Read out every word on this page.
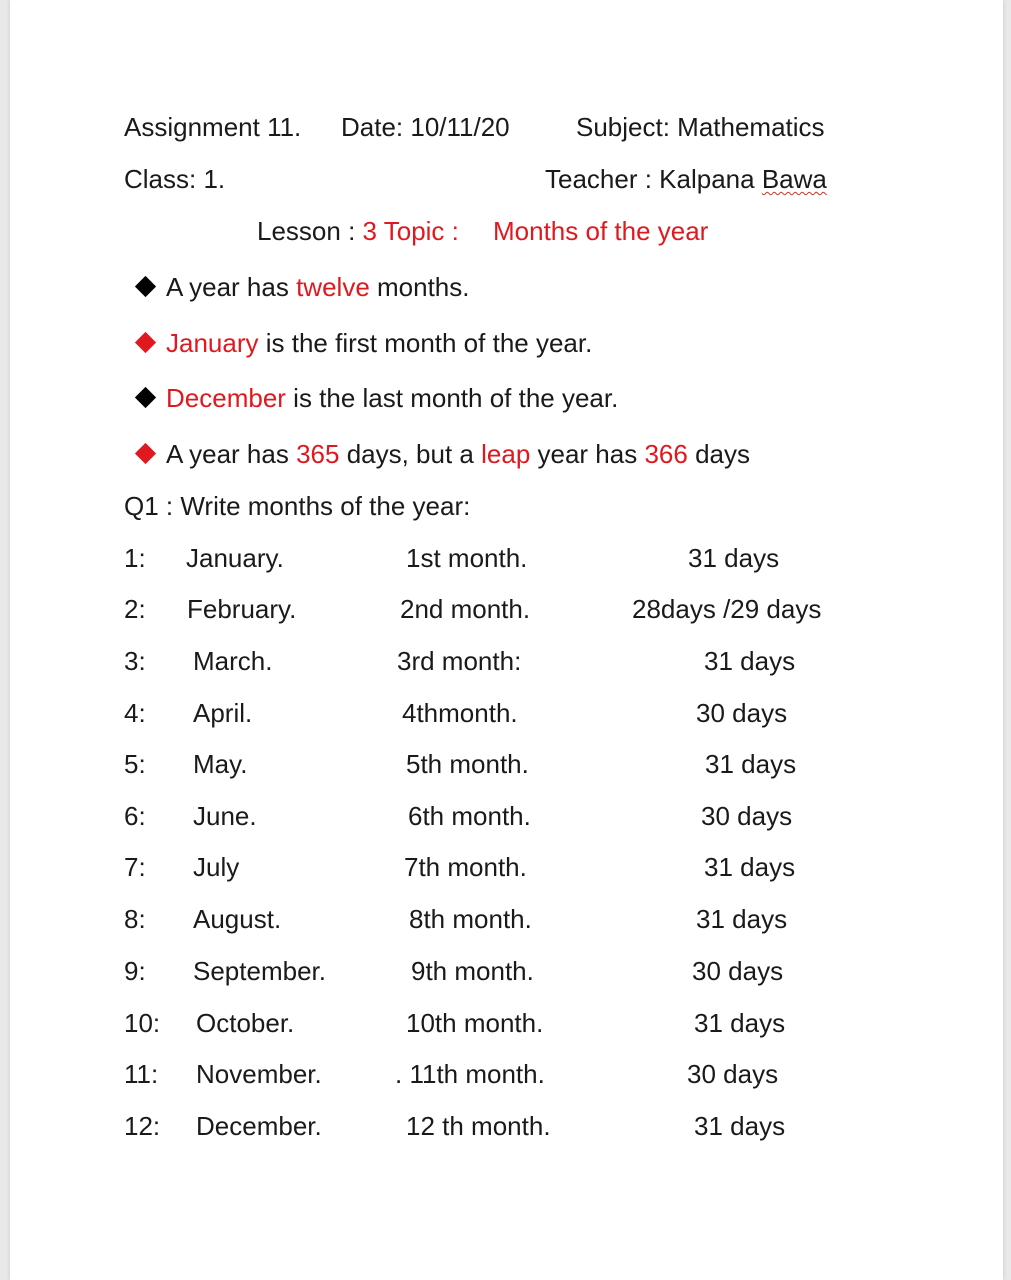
Assignment 11. Date: 10/11/20	Subject: Mathematics
Class: 1.	Teacher : Kalpana Bawa
Lesson : 3 Topic : Months of the year
A year has twelve months.
January is the first month of the year.
December is the last month of the year.
A year has 365 days, but a leap year has 366 days
Q1 : Write months of the year:
1: January.	1st month.	31 days
2: February.	2nd month.	28days /29 days
3: March.	3rd month:	31 days
4: April.	4thmonth.	30 days
5: May.	5th month.	31 days
6: June.	6th month.	30 days
7: July	7th month.	31 days
8: August.	8th month.	31 days
9: September.	9th month.	30 days
10: October.	10th month.	31 days
11: November.	. 11th month.	30 days
12: December.	12 th month.	31 days
